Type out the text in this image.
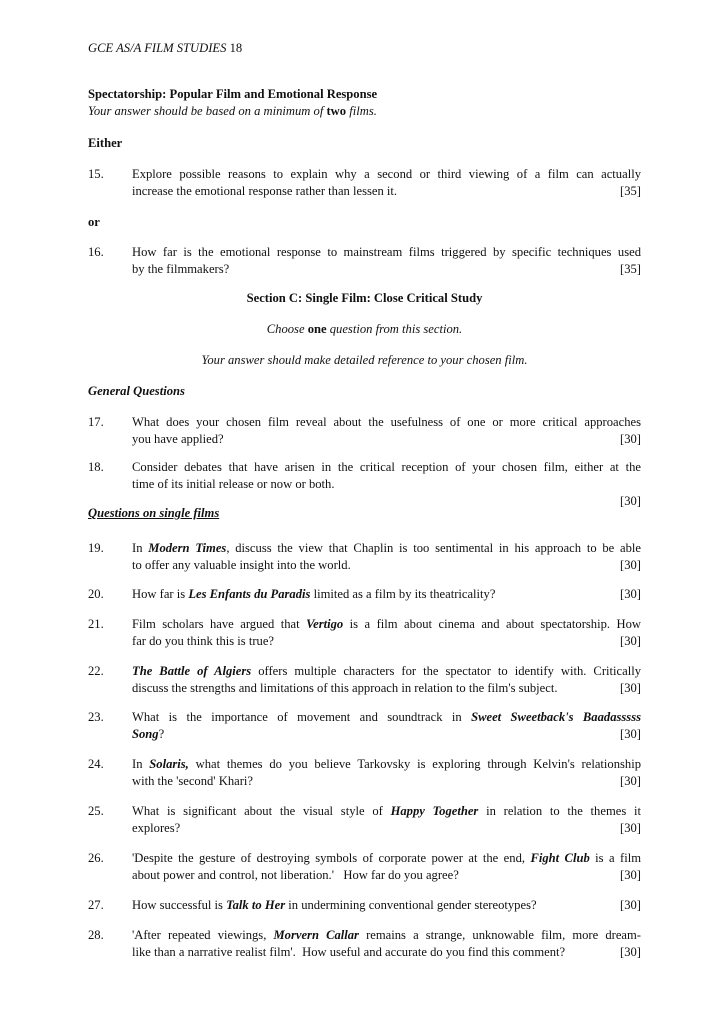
GCE AS/A FILM STUDIES 18
Spectatorship: Popular Film and Emotional Response
Your answer should be based on a minimum of two films.
Either
15. Explore possible reasons to explain why a second or third viewing of a film can actually
increase the emotional response rather than lessen it.	[35]
or
16. How far is the emotional response to mainstream films triggered by specific techniques used
by the filmmakers?	[35]
Section C: Single Film: Close Critical Study
Choose one question from this section.
Your answer should make detailed reference to your chosen film.
General Questions
17. What does your chosen film reveal about the usefulness of one or more critical approaches
you have applied?	[30]
18. Consider debates that have arisen in the critical reception of your chosen film, either at the
time of its initial release or now or both.
[30]
Questions on single films
19. In Modern Times, discuss the view that Chaplin is too sentimental in his approach to be able
to offer any valuable insight into the world.	[30]
20. How far is Les Enfants du Paradis limited as a film by its theatricality?	[30]
21. Film scholars have argued that Vertigo is a film about cinema and about spectatorship. How
far do you think this is true?	[30]
22. The Battle of Algiers offers multiple characters for the spectator to identify with. Critically
discuss the strengths and limitations of this approach in relation to the film's subject.	[30]
23. What is the importance of movement and soundtrack in Sweet Sweetback's Baadasssss
Song?	[30]
24. In Solaris, what themes do you believe Tarkovsky is exploring through Kelvin's relationship
with the 'second' Khari?	[30]
25. What is significant about the visual style of Happy Together in relation to the themes it
explores?	[30]
26. 'Despite the gesture of destroying symbols of corporate power at the end, Fight Club is a film
about power and control, not liberation.'   How far do you agree?	[30]
27. How successful is Talk to Her in undermining conventional gender stereotypes?	[30]
28. 'After repeated viewings, Morvern Callar remains a strange, unknowable film, more dream-
like than a narrative realist film'.  How useful and accurate do you find this comment?	[30]
